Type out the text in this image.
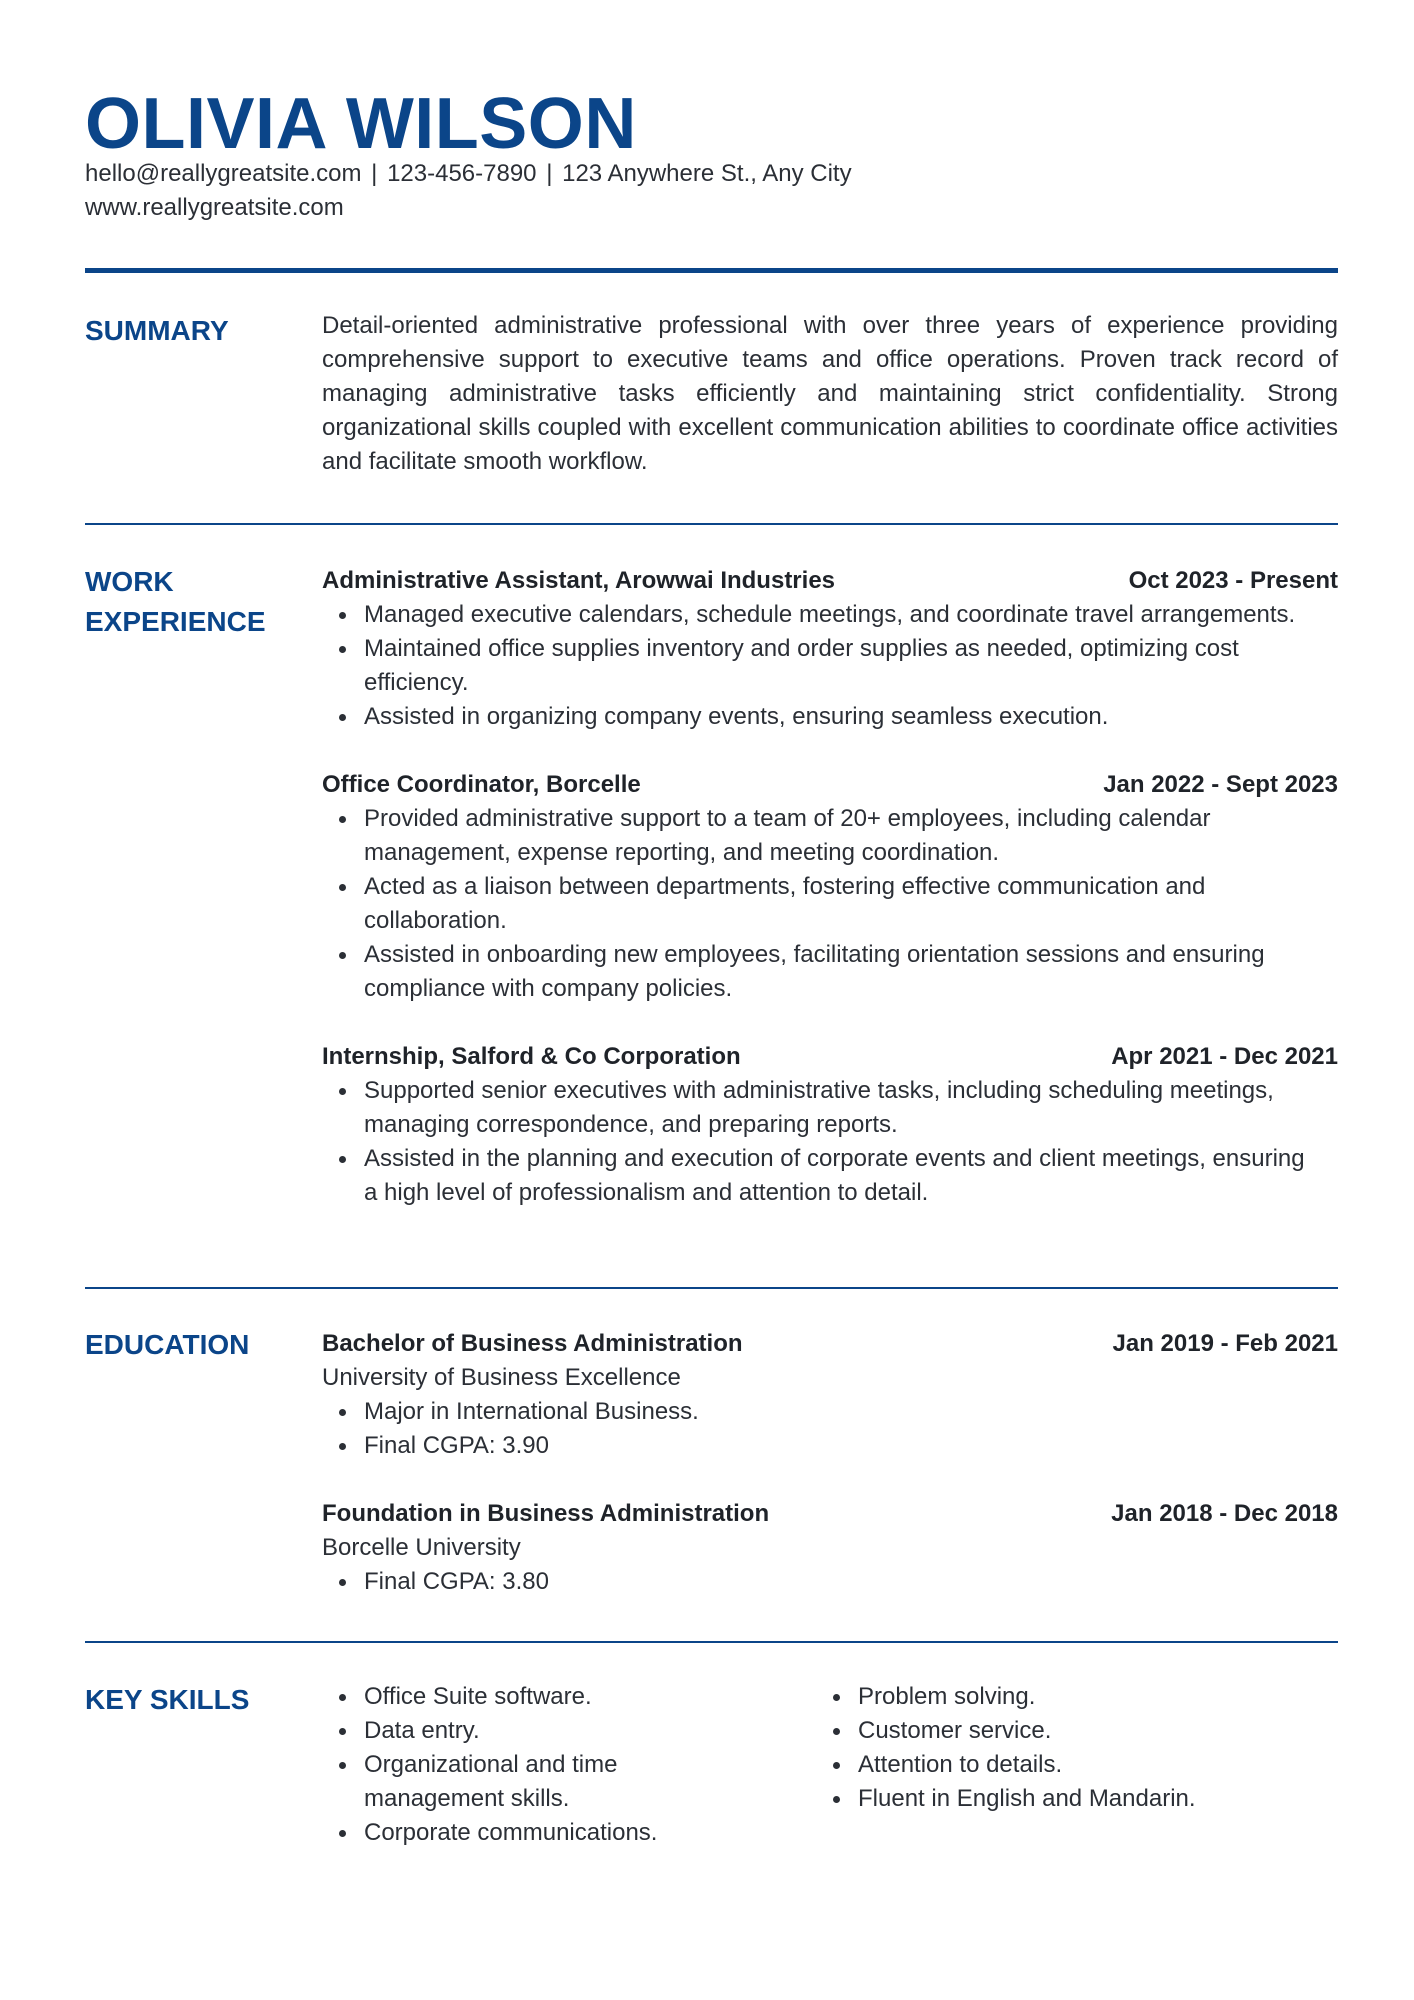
OLIVIA WILSON
hello@reallygreatsite.com | 123-456-7890 | 123 Anywhere St., Any City
www.reallygreatsite.com
SUMMARY	Detail-oriented administrative professional with over three years of experience providing comprehensive support to executive teams and office operations. Proven track record of managing administrative tasks efficiently and maintaining strict confidentiality. Strong organizational skills coupled with excellent communication abilities to coordinate office activities and facilitate smooth workflow.

WORK
EXPERIENCE
Administrative Assistant, Arowwai Industries	Oct 2023 - Present
Managed executive calendars, schedule meetings, and coordinate travel arrangements.
Maintained office supplies inventory and order supplies as needed, optimizing cost efficiency.
Assisted in organizing company events, ensuring seamless execution.
Office Coordinator, Borcelle	Jan 2022 - Sept 2023
Provided administrative support to a team of 20+ employees, including calendar management, expense reporting, and meeting coordination.
Acted as a liaison between departments, fostering effective communication and collaboration.
Assisted in onboarding new employees, facilitating orientation sessions and ensuring compliance with company policies.
Internship, Salford & Co Corporation	Apr 2021 - Dec 2021
Supported senior executives with administrative tasks, including scheduling meetings, managing correspondence, and preparing reports.
Assisted in the planning and execution of corporate events and client meetings, ensuring a high level of professionalism and attention to detail.
EDUCATION	Bachelor of Business Administration	Jan 2019 - Feb 2021
University of Business Excellence
Major in International Business.
Final CGPA: 3.90
Foundation in Business Administration	Jan 2018 - Dec 2018
Borcelle University
Final CGPA: 3.80
KEY SKILLS	Office Suite software.
Data entry.
Organizational and time management skills.
Corporate communications.
Problem solving.
Customer service.
Attention to details.
Fluent in English and Mandarin.
